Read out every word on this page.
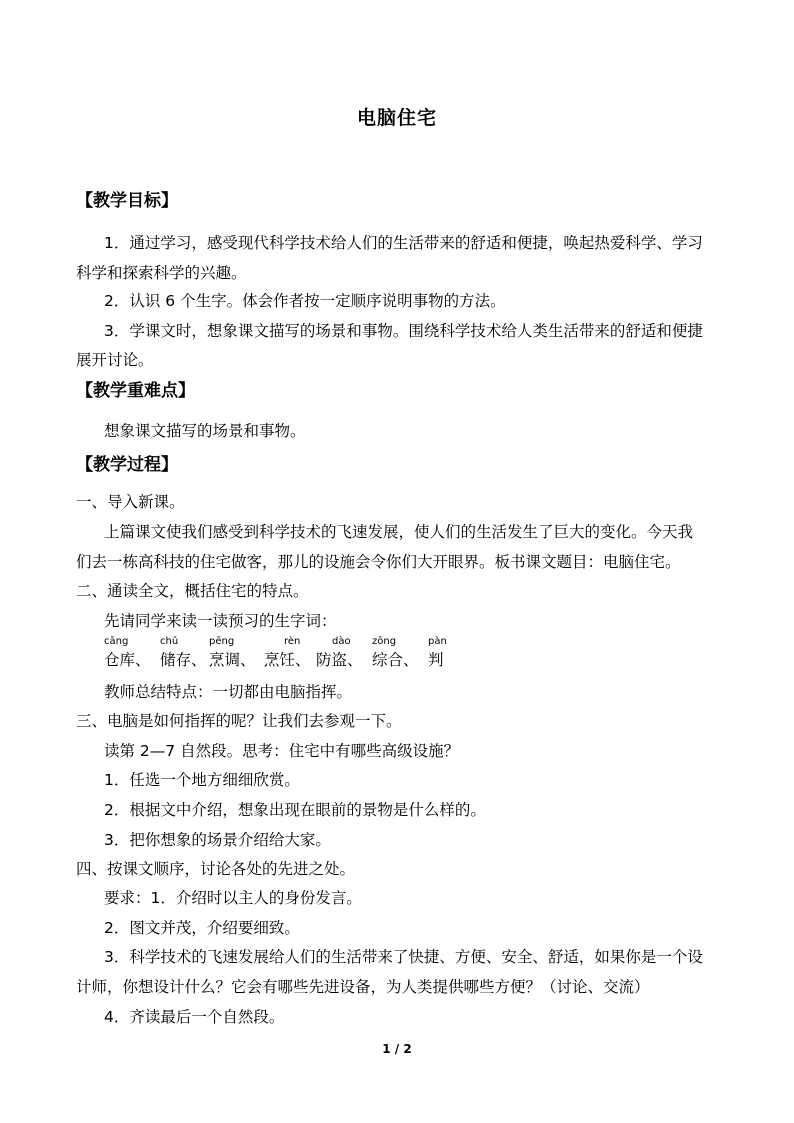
电脑住宅
【教学目标】
1．通过学习，感受现代科学技术给人们的生活带来的舒适和便捷，唤起热爱科学、学习
科学和探索科学的兴趣。
2．认识 6 个生字。体会作者按一定顺序说明事物的方法。
3．学课文时，想象课文描写的场景和事物。围绕科学技术给人类生活带来的舒适和便捷
展开讨论。
【教学重难点】
想象课文描写的场景和事物。
【教学过程】
一、导入新课。
上篇课文使我们感受到科学技术的飞速发展，使人们的生活发生了巨大的变化。今天我
们去一栋高科技的住宅做客，那儿的设施会令你们大开眼界。板书课文题目：电脑住宅。
二、通读全文，概括住宅的特点。
先请同学来读一读预习的生字词：
cāng
仓库、
chǔ
储存、
pēng
烹调、
rèn
烹饪、
dào
防盗、
zōng
综合、
pàn
判
教师总结特点：一切都由电脑指挥。
三、电脑是如何指挥的呢？让我们去参观一下。
读第 2—7 自然段。思考：住宅中有哪些高级设施？
1．任选一个地方细细欣赏。
2．根据文中介绍，想象出现在眼前的景物是什么样的。
3．把你想象的场景介绍给大家。
四、按课文顺序，讨论各处的先进之处。
要求：1．介绍时以主人的身份发言。
2．图文并茂，介绍要细致。
3．科学技术的飞速发展给人们的生活带来了快捷、方便、安全、舒适，如果你是一个设
计师，你想设计什么？它会有哪些先进设备，为人类提供哪些方便？（讨论、交流）
4．齐读最后一个自然段。
1 / 2
